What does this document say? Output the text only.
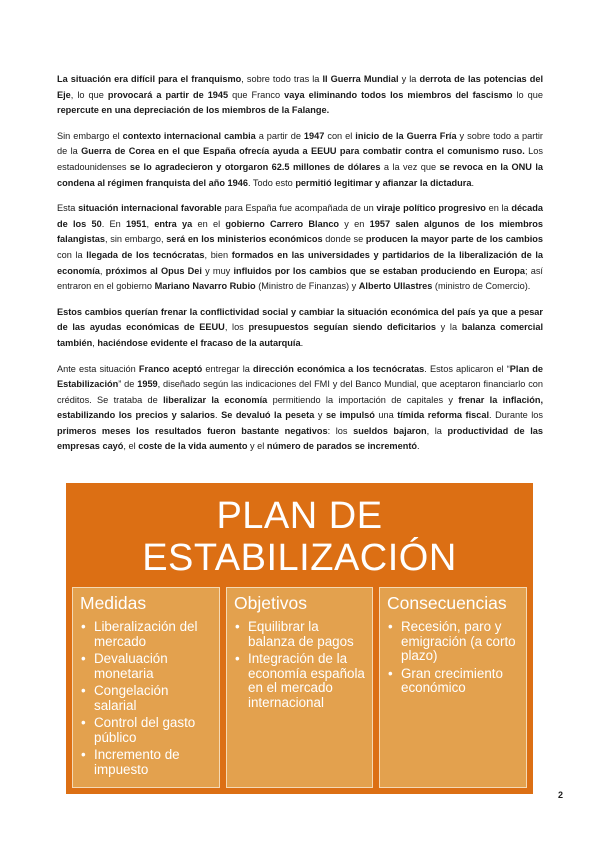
La situación era difícil para el franquismo, sobre todo tras la II Guerra Mundial y la derrota de las potencias del Eje, lo que provocará a partir de 1945 que Franco vaya eliminando todos los miembros del fascismo lo que repercute en una depreciación de los miembros de la Falange.

Sin embargo el contexto internacional cambia a partir de 1947 con el inicio de la Guerra Fría y sobre todo a partir de la Guerra de Corea en el que España ofrecía ayuda a EEUU para combatir contra el comunismo ruso. Los estadounidenses se lo agradecieron y otorgaron 62.5 millones de dólares a la vez que se revoca en la ONU la condena al régimen franquista del año 1946. Todo esto permitió legitimar y afianzar la dictadura.

Esta situación internacional favorable para España fue acompañada de un viraje político progresivo en la década de los 50. En 1951, entra ya en el gobierno Carrero Blanco y en 1957 salen algunos de los miembros falangistas, sin embargo, será en los ministerios económicos donde se producen la mayor parte de los cambios con la llegada de los tecnócratas, bien formados en las universidades y partidarios de la liberalización de la economía, próximos al Opus Dei y muy influidos por los cambios que se estaban produciendo en Europa; así entraron en el gobierno Mariano Navarro Rubio (Ministro de Finanzas) y Alberto Ullastres (ministro de Comercio).

Estos cambios querían frenar la conflictividad social y cambiar la situación económica del país ya que a pesar de las ayudas económicas de EEUU, los presupuestos seguían siendo deficitarios y la balanza comercial también, haciéndose evidente el fracaso de la autarquía.

Ante esta situación Franco aceptó entregar la dirección económica a los tecnócratas. Estos aplicaron el “Plan de Estabilización” de 1959, diseñado según las indicaciones del FMI y del Banco Mundial, que aceptaron financiarlo con créditos. Se trataba de liberalizar la economía permitiendo la importación de capitales y frenar la inflación, estabilizando los precios y salarios. Se devaluó la peseta y se impulsó una tímida reforma fiscal. Durante los primeros meses los resultados fueron bastante negativos: los sueldos bajaron, la productividad de las empresas cayó, el coste de la vida aumento y el número de parados se incrementó.

PLAN DE
ESTABILIZACIÓN
Medidas
• Liberalización del mercado
• Devaluación monetaria
• Congelación salarial
• Control del gasto público
• Incremento de impuesto
Objetivos
• Equilibrar la balanza de pagos
• Integración de la economía española en el mercado internacional
Consecuencias
• Recesión, paro y emigración (a corto plazo)
• Gran crecimiento económico
2
